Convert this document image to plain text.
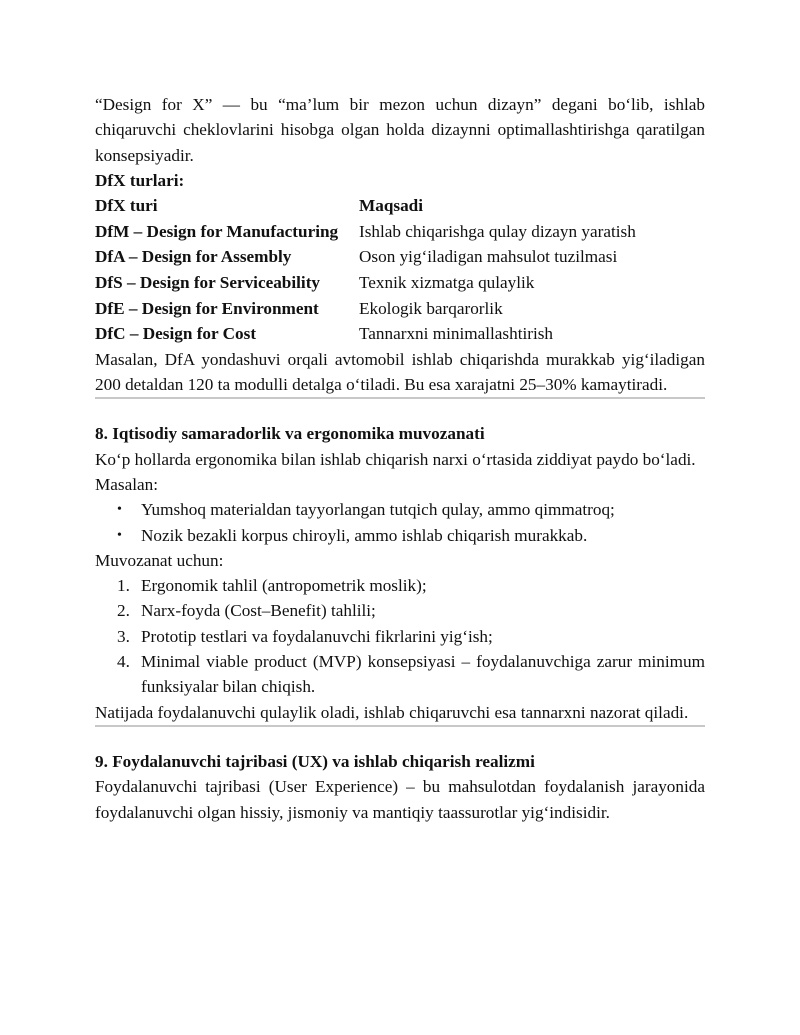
“Design for X” — bu “ma’lum bir mezon uchun dizayn” degani bo‘lib, ishlab chiqaruvchi cheklovlarini hisobga olgan holda dizaynni optimallashtirishga qaratilgan konsepsiyadir.

DfX turlari:

DfX turi	Maqsadi
DfM – Design for Manufacturing	Ishlab chiqarishga qulay dizayn yaratish
DfA – Design for Assembly	Oson yig‘iladigan mahsulot tuzilmasi
DfS – Design for Serviceability	Texnik xizmatga qulaylik
DfE – Design for Environment	Ekologik barqarorlik
DfC – Design for Cost	Tannarxni minimallashtirish

Masalan, DfA yondashuvi orqali avtomobil ishlab chiqarishda murakkab yig‘iladigan 200 detaldan 120 ta modulli detalga o‘tiladi. Bu esa xarajatni 25–30% kamaytiradi.

8. Iqtisodiy samaradorlik va ergonomika muvozanati

Ko‘p hollarda ergonomika bilan ishlab chiqarish narxi o‘rtasida ziddiyat paydo bo‘ladi.

Masalan:

• Yumshoq materialdan tayyorlangan tutqich qulay, ammo qimmatroq;
• Nozik bezakli korpus chiroyli, ammo ishlab chiqarish murakkab.

Muvozanat uchun:

1. Ergonomik tahlil (antropometrik moslik);
2. Narx-foyda (Cost–Benefit) tahlili;
3. Prototip testlari va foydalanuvchi fikrlarini yig‘ish;
4. Minimal viable product (MVP) konsepsiyasi – foydalanuvchiga zarur minimum funksiyalar bilan chiqish.

Natijada foydalanuvchi qulaylik oladi, ishlab chiqaruvchi esa tannarxni nazorat qiladi.

9. Foydalanuvchi tajribasi (UX) va ishlab chiqarish realizmi

Foydalanuvchi tajribasi (User Experience) – bu mahsulotdan foydalanish jarayonida foydalanuvchi olgan hissiy, jismoniy va mantiqiy taassurotlar yig‘indisidir.
